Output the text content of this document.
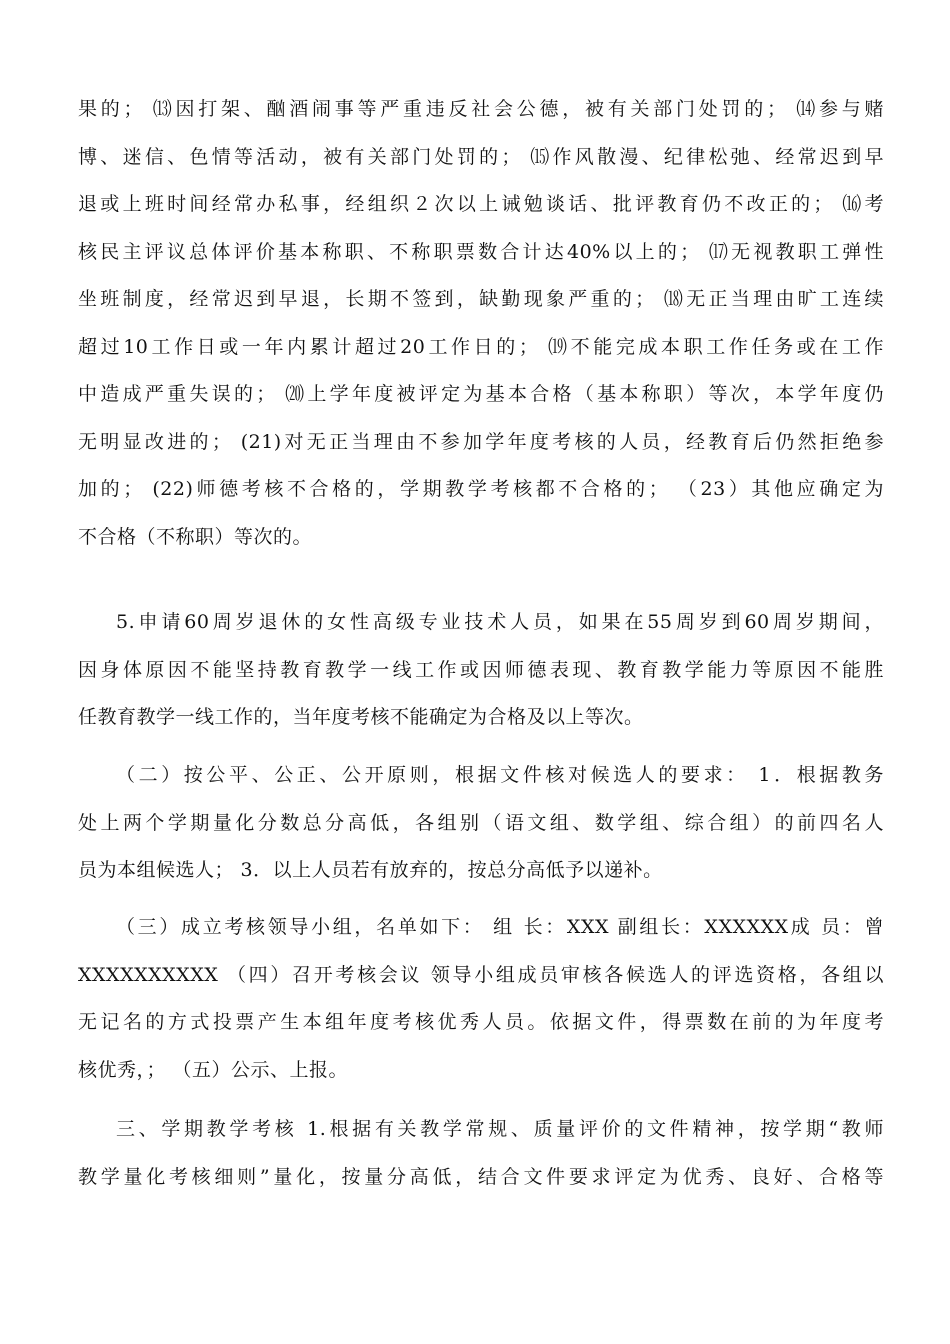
果的； ⒀因打架、酗酒闹事等严重违反社会公德，被有关部门处罚的； ⒁参与赌

博、迷信、色情等活动，被有关部门处罚的； ⒂作风散漫、纪律松弛、经常迟到早

退或上班时间经常办私事，经组织２次以上诫勉谈话、批评教育仍不改正的； ⒃考

核民主评议总体评价基本称职、不称职票数合计达40%以上的； ⒄无视教职工弹性

坐班制度，经常迟到早退，长期不签到，缺勤现象严重的； ⒅无正当理由旷工连续

超过10工作日或一年内累计超过20工作日的； ⒆不能完成本职工作任务或在工作

中造成严重失误的； ⒇上学年度被评定为基本合格（基本称职）等次，本学年度仍

无明显改进的； (21)对无正当理由不参加学年度考核的人员，经教育后仍然拒绝参

加的； (22)师德考核不合格的，学期教学考核都不合格的； （23）其他应确定为

不合格（不称职）等次的。

5.申请60周岁退休的女性高级专业技术人员，如果在55周岁到60周岁期间，

因身体原因不能坚持教育教学一线工作或因师德表现、教育教学能力等原因不能胜

任教育教学一线工作的，当年度考核不能确定为合格及以上等次。

（二）按公平、公正、公开原则，根据文件核对候选人的要求： 1．根据教务

处上两个学期量化分数总分高低，各组别（语文组、数学组、综合组）的前四名人

员为本组候选人； 3．以上人员若有放弃的，按总分高低予以递补。

（三）成立考核领导小组，名单如下： 组 长：XXX 副组长：XXXXXX成 员：曾

XXXXXXXXXX （四）召开考核会议 领导小组成员审核各候选人的评选资格，各组以

无记名的方式投票产生本组年度考核优秀人员。依据文件，得票数在前的为年度考

核优秀，； （五）公示、上报。

三、学期教学考核 1.根据有关教学常规、质量评价的文件精神，按学期“教师

教学量化考核细则”量化，按量分高低，结合文件要求评定为优秀、良好、合格等
